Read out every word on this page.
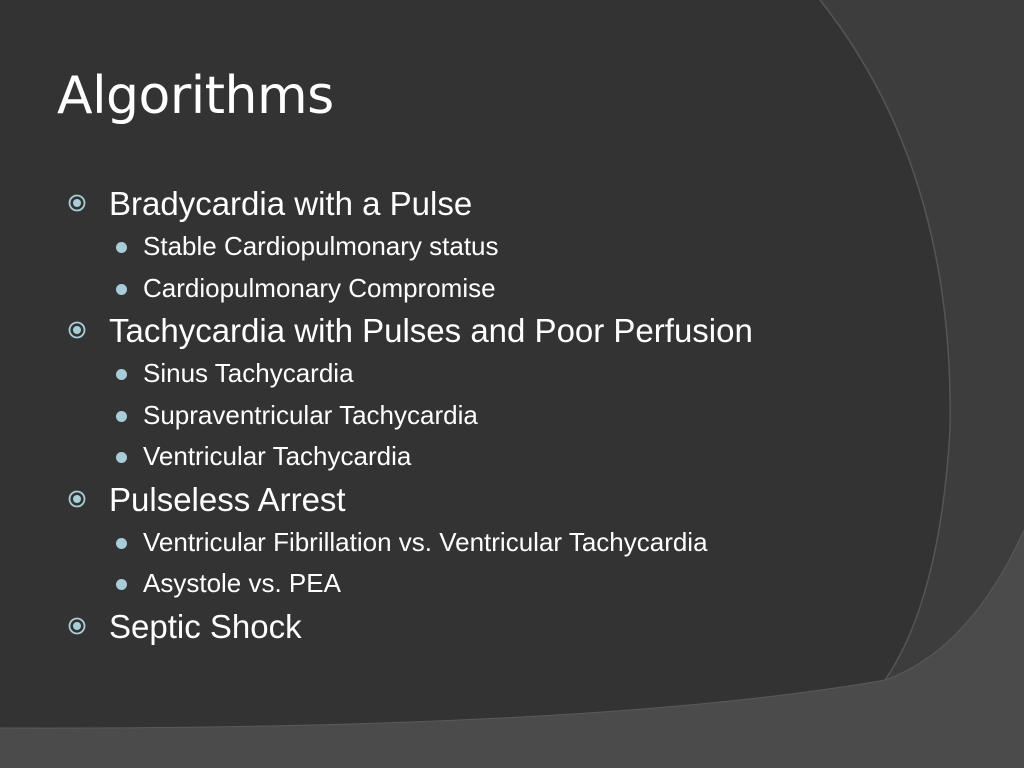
Algorithms
Bradycardia with a Pulse
Stable Cardiopulmonary status
Cardiopulmonary Compromise
Tachycardia with Pulses and Poor Perfusion
Sinus Tachycardia
Supraventricular Tachycardia
Ventricular Tachycardia
Pulseless Arrest
Ventricular Fibrillation vs. Ventricular Tachycardia
Asystole vs. PEA
Septic Shock
